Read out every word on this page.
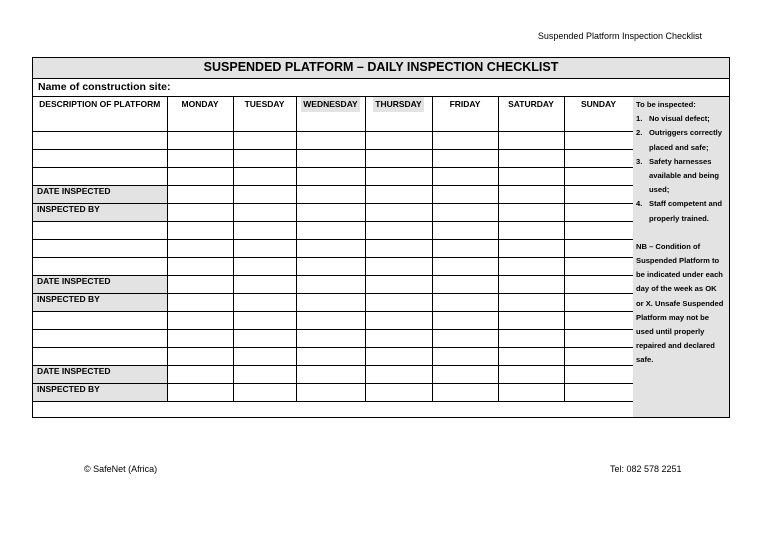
Suspended Platform Inspection Checklist
SUSPENDED PLATFORM – DAILY INSPECTION CHECKLIST
Name of construction site:
DESCRIPTION OF PLATFORM	MONDAY	TUESDAY	WEDNESDAY	THURSDAY	FRIDAY	SATURDAY	SUNDAY

DATE INSPECTED							
INSPECTED BY							

DATE INSPECTED							
INSPECTED BY							

DATE INSPECTED							
INSPECTED BY							
To be inspected:
1. No visual defect;
2. Outriggers correctly placed and safe;
3. Safety harnesses available and being used;
4. Staff competent and properly trained.
NB – Condition of Suspended Platform to be indicated under each day of the week as OK or X. Unsafe Suspended Platform may not be used until properly repaired and declared safe.
© SafeNet (Africa)	Tel: 082 578 2251
